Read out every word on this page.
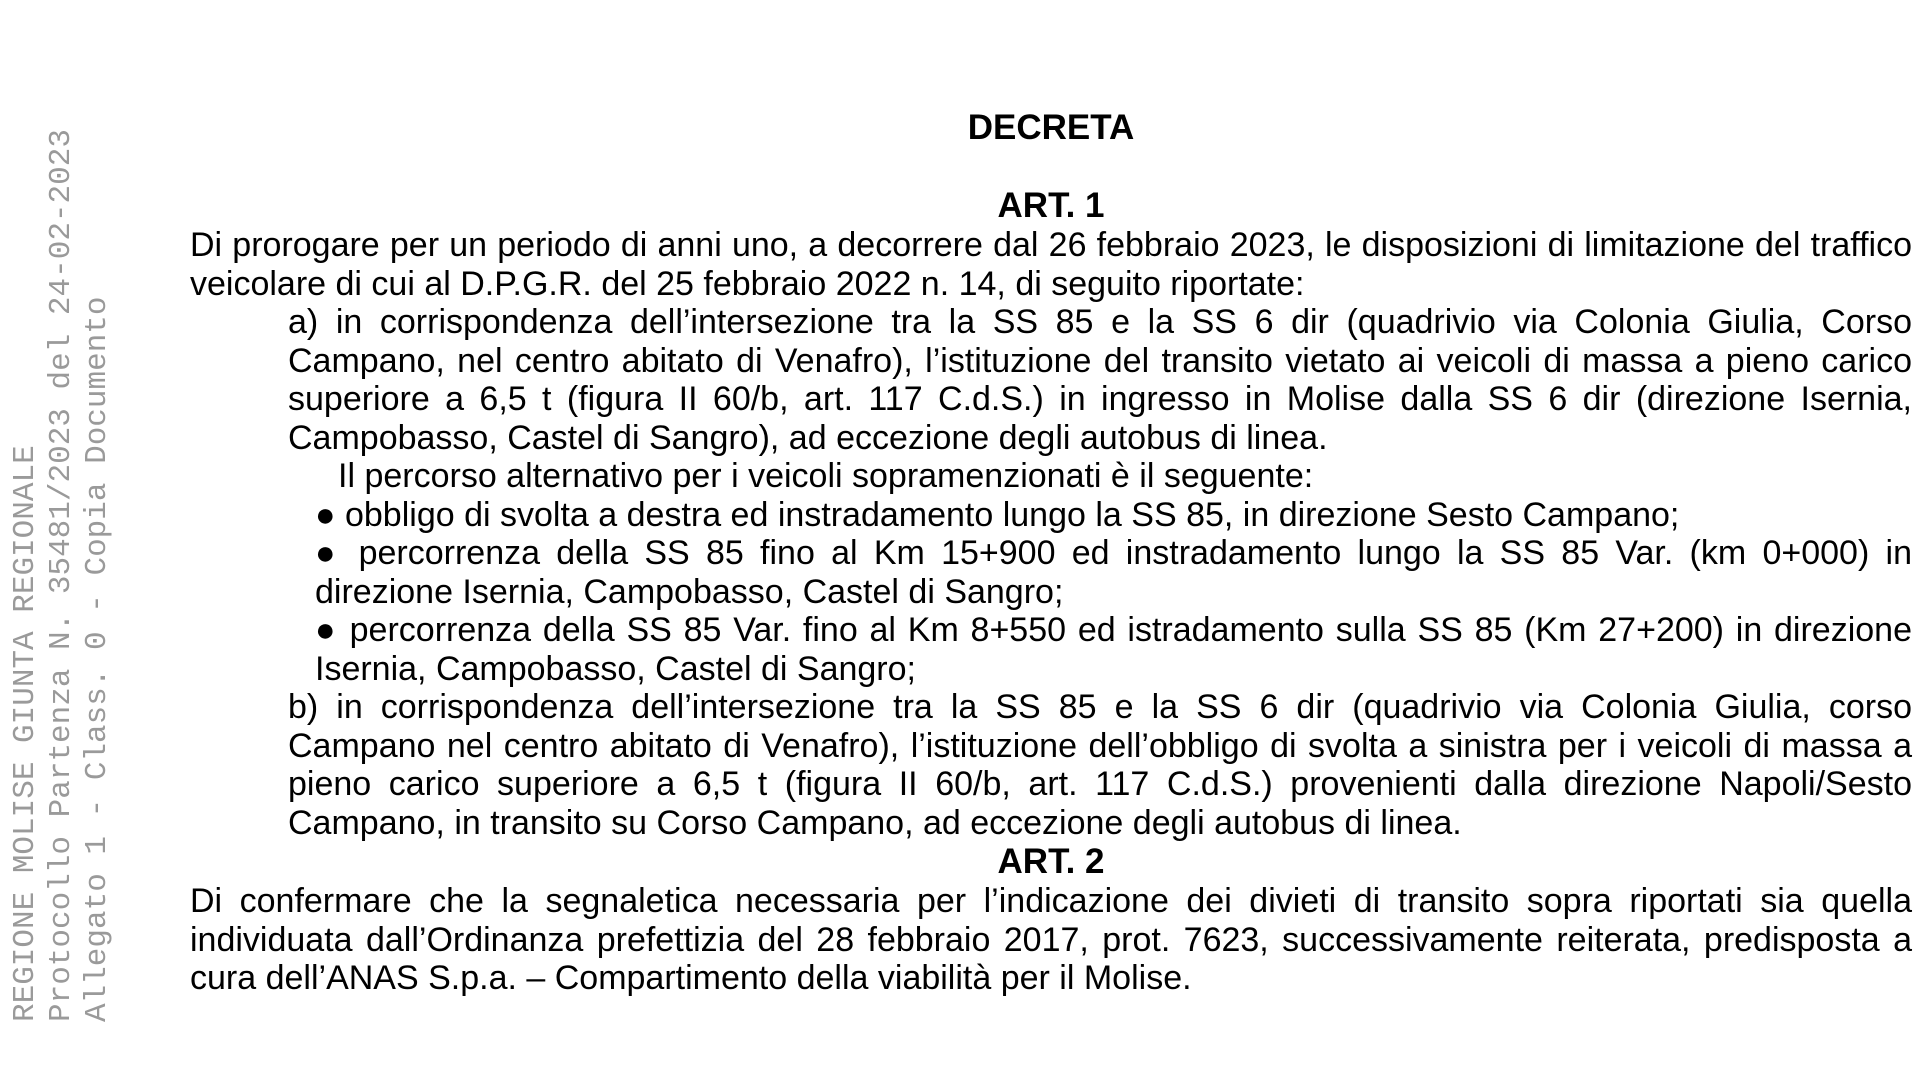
REGIONE MOLISE GIUNTA REGIONALE Protocollo Partenza N. 35481/2023 del 24-02-2023 Allegato 1 - Class. 0 - Copia Documento
DECRETA
ART. 1

Di prorogare per un periodo di anni uno, a decorrere dal 26 febbraio 2023, le disposizioni di limitazione del traffico veicolare di cui al D.P.G.R. del 25 febbraio 2022 n. 14, di seguito riportate:

a) in corrispondenza dell’intersezione tra la SS 85 e la SS 6 dir (quadrivio via Colonia Giulia, Corso Campano, nel centro abitato di Venafro), l’istituzione del transito vietato ai veicoli di massa a pieno carico superiore a 6,5 t (figura II 60/b, art. 117 C.d.S.) in ingresso in Molise dalla SS 6 dir (direzione Isernia, Campobasso, Castel di Sangro), ad eccezione degli autobus di linea.

Il percorso alternativo per i veicoli sopramenzionati è il seguente:

● obbligo di svolta a destra ed instradamento lungo la SS 85, in direzione Sesto Campano;

● percorrenza della SS 85 fino al Km 15+900 ed instradamento lungo la SS 85 Var. (km 0+000) in direzione Isernia, Campobasso, Castel di Sangro;

● percorrenza della SS 85 Var. fino al Km 8+550 ed istradamento sulla SS 85 (Km 27+200) in direzione Isernia, Campobasso, Castel di Sangro;

b) in corrispondenza dell’intersezione tra la SS 85 e la SS 6 dir (quadrivio via Colonia Giulia, corso Campano nel centro abitato di Venafro), l’istituzione dell’obbligo di svolta a sinistra per i veicoli di massa a pieno carico superiore a 6,5 t (figura II 60/b, art. 117 C.d.S.) provenienti dalla direzione Napoli/Sesto Campano, in transito su Corso Campano, ad eccezione degli autobus di linea.

ART. 2

Di confermare che la segnaletica necessaria per l’indicazione dei divieti di transito sopra riportati sia quella individuata dall’Ordinanza prefettizia del 28 febbraio 2017, prot. 7623, successivamente reiterata, predisposta a cura dell’ANAS S.p.a. – Compartimento della viabilità per il Molise.
